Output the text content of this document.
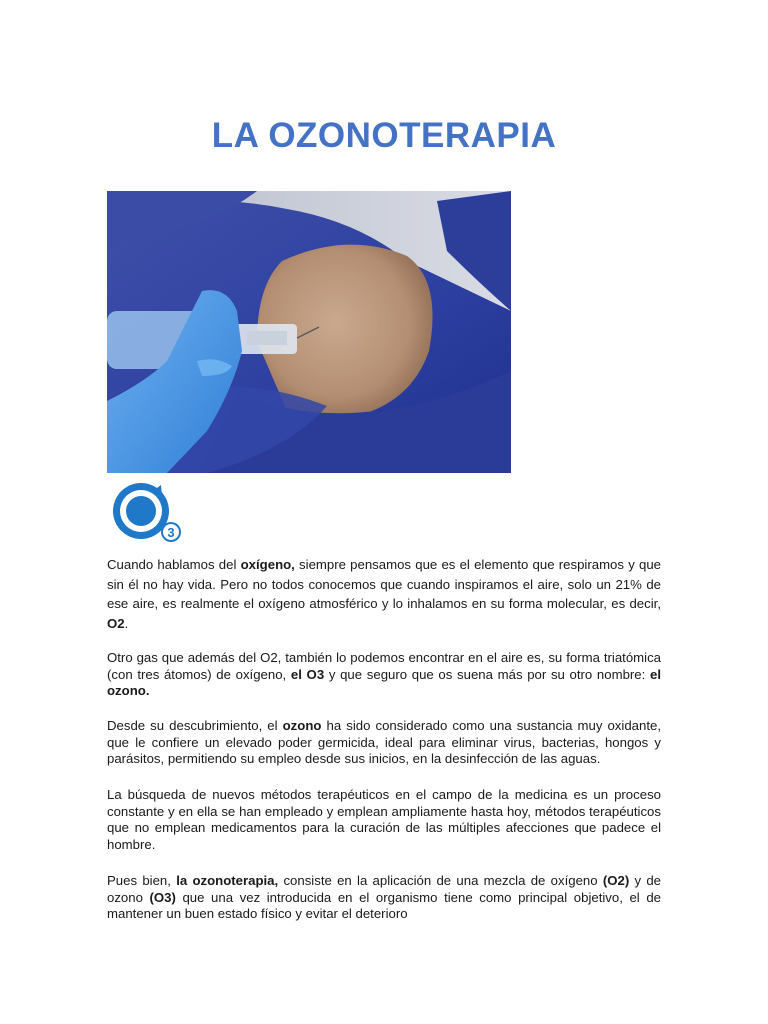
LA OZONOTERAPIA
3

Cuando hablamos del oxígeno, siempre pensamos que es el elemento que respiramos y que sin él no hay vida. Pero no todos conocemos que cuando inspiramos el aire, solo un 21% de ese aire, es realmente el oxígeno atmosférico y lo inhalamos en su forma molecular, es decir, O2.

Otro gas que además del O2, también lo podemos encontrar en el aire es, su forma triatómica (con tres átomos) de oxígeno, el O3 y que seguro que os suena más por su otro nombre: el ozono.

Desde su descubrimiento, el ozono ha sido considerado como una sustancia muy oxidante, que le confiere un elevado poder germicida, ideal para eliminar virus, bacterias, hongos y parásitos, permitiendo su empleo desde sus inicios, en la desinfección de las aguas.

La búsqueda de nuevos métodos terapéuticos en el campo de la medicina es un proceso constante y en ella se han empleado y emplean ampliamente hasta hoy, métodos terapéuticos que no emplean medicamentos para la curación de las múltiples afecciones que padece el hombre.

Pues bien, la ozonoterapia, consiste en la aplicación de una mezcla de oxígeno (O2) y de ozono (O3) que una vez introducida en el organismo tiene como principal objetivo, el de mantener un buen estado físico y evitar el deterioro
